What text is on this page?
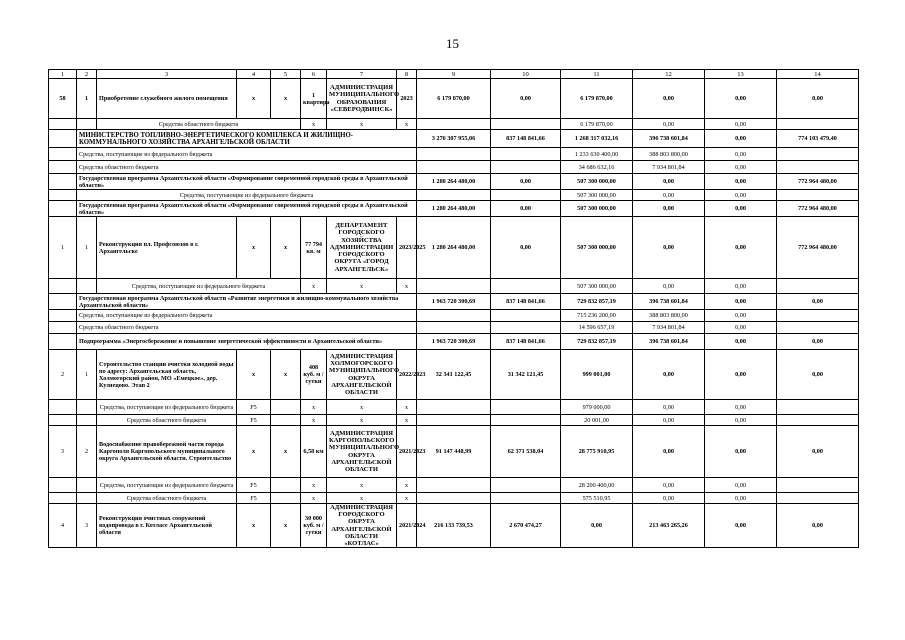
15
1	2	3	4	5	6	7	8	9	10	11	12	13	14
58	1	Приобретение служебного жилого помещения	х	х	1 квартира	АДМИНИСТРАЦИЯ МУНИЦИПАЛЬНОГО ОБРАЗОВАНИЯ «СЕВЕРОДВИНСК»	2023	6 179 870,00	0,00	6 179 870,00	0,00	0,00	0,00
		Средства областного бюджета			х	х	х			6 179 870,00	0,00	0,00	
	МИНИСТЕРСТВО ТОПЛИВНО-ЭНЕРГЕТИЧЕСКОГО КОМПЛЕКСА И ЖИЛИЩНО-КОММУНАЛЬНОГО ХОЗЯЙСТВА АРХАНГЕЛЬСКОЙ ОБЛАСТИ							3 276 307 955,06	837 148 841,66	1 268 317 032,16	396 738 601,84	0,00	774 103 479,40
	Средства, поступающие из федерального бюджета									1 233 630 400,00	388 803 800,00	0,00	
	Средства областного бюджета									34 686 632,16	7 934 801,84	0,00	
	Государственная программа Архангельской области «Формирование современной городской среды в Архангельской области»							1 280 264 480,00	0,00	507 300 000,00	0,00	0,00	772 964 480,00
	Средства, поступающие из федерального бюджета									507 300 000,00	0,00	0,00	
	Государственная программа Архангельской области «Формирование современной городской среды в Архангельской области»							1 280 264 480,00	0,00	507 300 000,00	0,00	0,00	772 964 480,00
1	1	Реконструкция пл. Профсоюзов в г. Архангельске	х	х	77 794 кв. м	ДЕПАРТАМЕНТ ГОРОДСКОГО ХОЗЯЙСТВА АДМИНИСТРАЦИИ ГОРОДСКОГО ОКРУГА «ГОРОД АРХАНГЕЛЬСК»	2023/2025	1 280 264 480,00	0,00	507 300 000,00	0,00	0,00	772 964 480,00
		Средства, поступающие из федерального бюджета			х	х	х			507 300 000,00	0,00	0,00	
	Государственная программа Архангельской области «Развитие энергетики и жилищно-коммунального хозяйства Архангельской области»							1 963 720 300,69	837 148 841,66	729 832 857,19	396 738 601,84	0,00	0,00
	Средства, поступающие из федерального бюджета									715 236 200,00	388 803 800,00	0,00	
	Средства областного бюджета									14 596 657,19	7 934 801,84	0,00	
	Подпрограмма «Энергосбережение и повышение энергетической эффективности в Архангельской области»							1 963 720 300,69	837 148 841,66	729 832 857,19	396 738 601,84	0,00	0,00
2	1	Строительство станции очистки холодной воды по адресу: Архангельская область, Холмогорский район, МО «Емецкое», дер. Кузнецово. Этап 2	х	х	408 куб. м / сутки	АДМИНИСТРАЦИЯ ХОЛМОГОРСКОГО МУНИЦИПАЛЬНОГО ОКРУГА АРХАНГЕЛЬСКОЙ ОБЛАСТИ	2022/2023	32 341 122,45	31 342 121,45	999 001,00	0,00	0,00	0,00
		Средства, поступающие из федерального бюджета	F5		х	х	х			979 000,00	0,00	0,00	
		Средства областного бюджета	F5		х	х	х			20 001,00	0,00	0,00	
3	2	Водоснабжение правобережной части города Каргополя Каргопольского муниципального округа Архангельской области. Строительство	х	х	6,58 км	АДМИНИСТРАЦИЯ КАРГОПОЛЬСКОГО МУНИЦИПАЛЬНОГО ОКРУГА АРХАНГЕЛЬСКОЙ ОБЛАСТИ	2021/2023	91 147 448,99	62 371 538,04	28 775 910,95	0,00	0,00	0,00
		Средства, поступающие из федерального бюджета	F5		х	х	х			28 200 400,00	0,00	0,00	
		Средства областного бюджета	F5		х	х	х			575 510,95	0,00	0,00	
4	3	Реконструкция очистных сооружений водопровода в г. Котласе Архангельской области	х	х	30 000 куб. м / сутки	АДМИНИСТРАЦИЯ ГОРОДСКОГО ОКРУГА АРХАНГЕЛЬСКОЙ ОБЛАСТИ «КОТЛАС»	2021/2024	216 133 739,53	2 670 474,27	0,00	213 463 265,26	0,00	0,00
